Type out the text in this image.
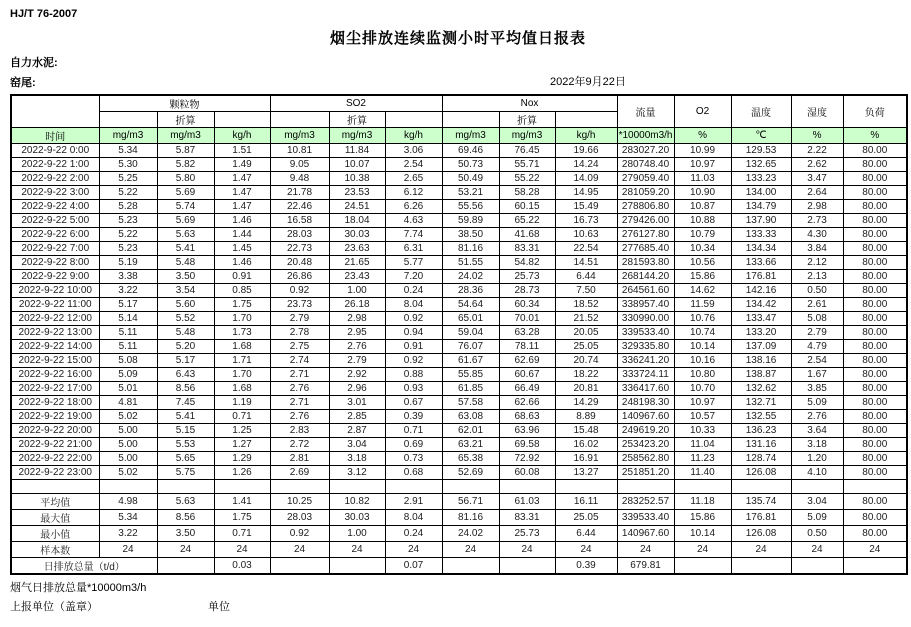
HJ/T 76-2007
烟尘排放连续监测小时平均值日报表
自力水泥:
窑尾:	2022年9月22日
	颗粒物			SO2			Nox			流量	O2	温度	湿度	负荷
		折算			折算			折算						
时间	mg/m3	mg/m3	kg/h	mg/m3	mg/m3	kg/h	mg/m3	mg/m3	kg/h	*10000m3/h	%	℃	%	%
2022-9-22 0:00	5.34	5.87	1.51	10.81	11.84	3.06	69.46	76.45	19.66	283027.20	10.99	129.53	2.22	80.00
2022-9-22 1:00	5.30	5.82	1.49	9.05	10.07	2.54	50.73	55.71	14.24	280748.40	10.97	132.65	2.62	80.00
2022-9-22 2:00	5.25	5.80	1.47	9.48	10.38	2.65	50.49	55.22	14.09	279059.40	11.03	133.23	3.47	80.00
2022-9-22 3:00	5.22	5.69	1.47	21.78	23.53	6.12	53.21	58.28	14.95	281059.20	10.90	134.00	2.64	80.00
2022-9-22 4:00	5.28	5.74	1.47	22.46	24.51	6.26	55.56	60.15	15.49	278806.80	10.87	134.79	2.98	80.00
2022-9-22 5:00	5.23	5.69	1.46	16.58	18.04	4.63	59.89	65.22	16.73	279426.00	10.88	137.90	2.73	80.00
2022-9-22 6:00	5.22	5.63	1.44	28.03	30.03	7.74	38.50	41.68	10.63	276127.80	10.79	133.33	4.30	80.00
2022-9-22 7:00	5.23	5.41	1.45	22.73	23.63	6.31	81.16	83.31	22.54	277685.40	10.34	134.34	3.84	80.00
2022-9-22 8:00	5.19	5.48	1.46	20.48	21.65	5.77	51.55	54.82	14.51	281593.80	10.56	133.66	2.12	80.00
2022-9-22 9:00	3.38	3.50	0.91	26.86	23.43	7.20	24.02	25.73	6.44	268144.20	15.86	176.81	2.13	80.00
2022-9-22 10:00	3.22	3.54	0.85	0.92	1.00	0.24	28.36	28.73	7.50	264561.60	14.62	142.16	0.50	80.00
2022-9-22 11:00	5.17	5.60	1.75	23.73	26.18	8.04	54.64	60.34	18.52	338957.40	11.59	134.42	2.61	80.00
2022-9-22 12:00	5.14	5.52	1.70	2.79	2.98	0.92	65.01	70.01	21.52	330990.00	10.76	133.47	5.08	80.00
2022-9-22 13:00	5.11	5.48	1.73	2.78	2.95	0.94	59.04	63.28	20.05	339533.40	10.74	133.20	2.79	80.00
2022-9-22 14:00	5.11	5.20	1.68	2.75	2.76	0.91	76.07	78.11	25.05	329335.80	10.14	137.09	4.79	80.00
2022-9-22 15:00	5.08	5.17	1.71	2.74	2.79	0.92	61.67	62.69	20.74	336241.20	10.16	138.16	2.54	80.00
2022-9-22 16:00	5.09	6.43	1.70	2.71	2.92	0.88	55.85	60.67	18.22	333724.11	10.80	138.87	1.67	80.00
2022-9-22 17:00	5.01	8.56	1.68	2.76	2.96	0.93	61.85	66.49	20.81	336417.60	10.70	132.62	3.85	80.00
2022-9-22 18:00	4.81	7.45	1.19	2.71	3.01	0.67	57.58	62.66	14.29	248198.30	10.97	132.71	5.09	80.00
2022-9-22 19:00	5.02	5.41	0.71	2.76	2.85	0.39	63.08	68.63	8.89	140967.60	10.57	132.55	2.76	80.00
2022-9-22 20:00	5.00	5.15	1.25	2.83	2.87	0.71	62.01	63.96	15.48	249619.20	10.33	136.23	3.64	80.00
2022-9-22 21:00	5.00	5.53	1.27	2.72	3.04	0.69	63.21	69.58	16.02	253423.20	11.04	131.16	3.18	80.00
2022-9-22 22:00	5.00	5.65	1.29	2.81	3.18	0.73	65.38	72.92	16.91	258562.80	11.23	128.74	1.20	80.00
2022-9-22 23:00	5.02	5.75	1.26	2.69	3.12	0.68	52.69	60.08	13.27	251851.20	11.40	126.08	4.10	80.00

平均值	4.98	5.63	1.41	10.25	10.82	2.91	56.71	61.03	16.11	283252.57	11.18	135.74	3.04	80.00
最大值	5.34	8.56	1.75	28.03	30.03	8.04	81.16	83.31	25.05	339533.40	15.86	176.81	5.09	80.00
最小值	3.22	3.50	0.71	0.92	1.00	0.24	24.02	25.73	6.44	140967.60	10.14	126.08	0.50	80.00
样本数	24	24	24	24	24	24	24	24	24	24	24	24	24	24
日排放总量（t/d）			0.03			0.07			0.39	679.81				
烟气日排放总量*10000m3/h
上报单位（盖章）	单位
